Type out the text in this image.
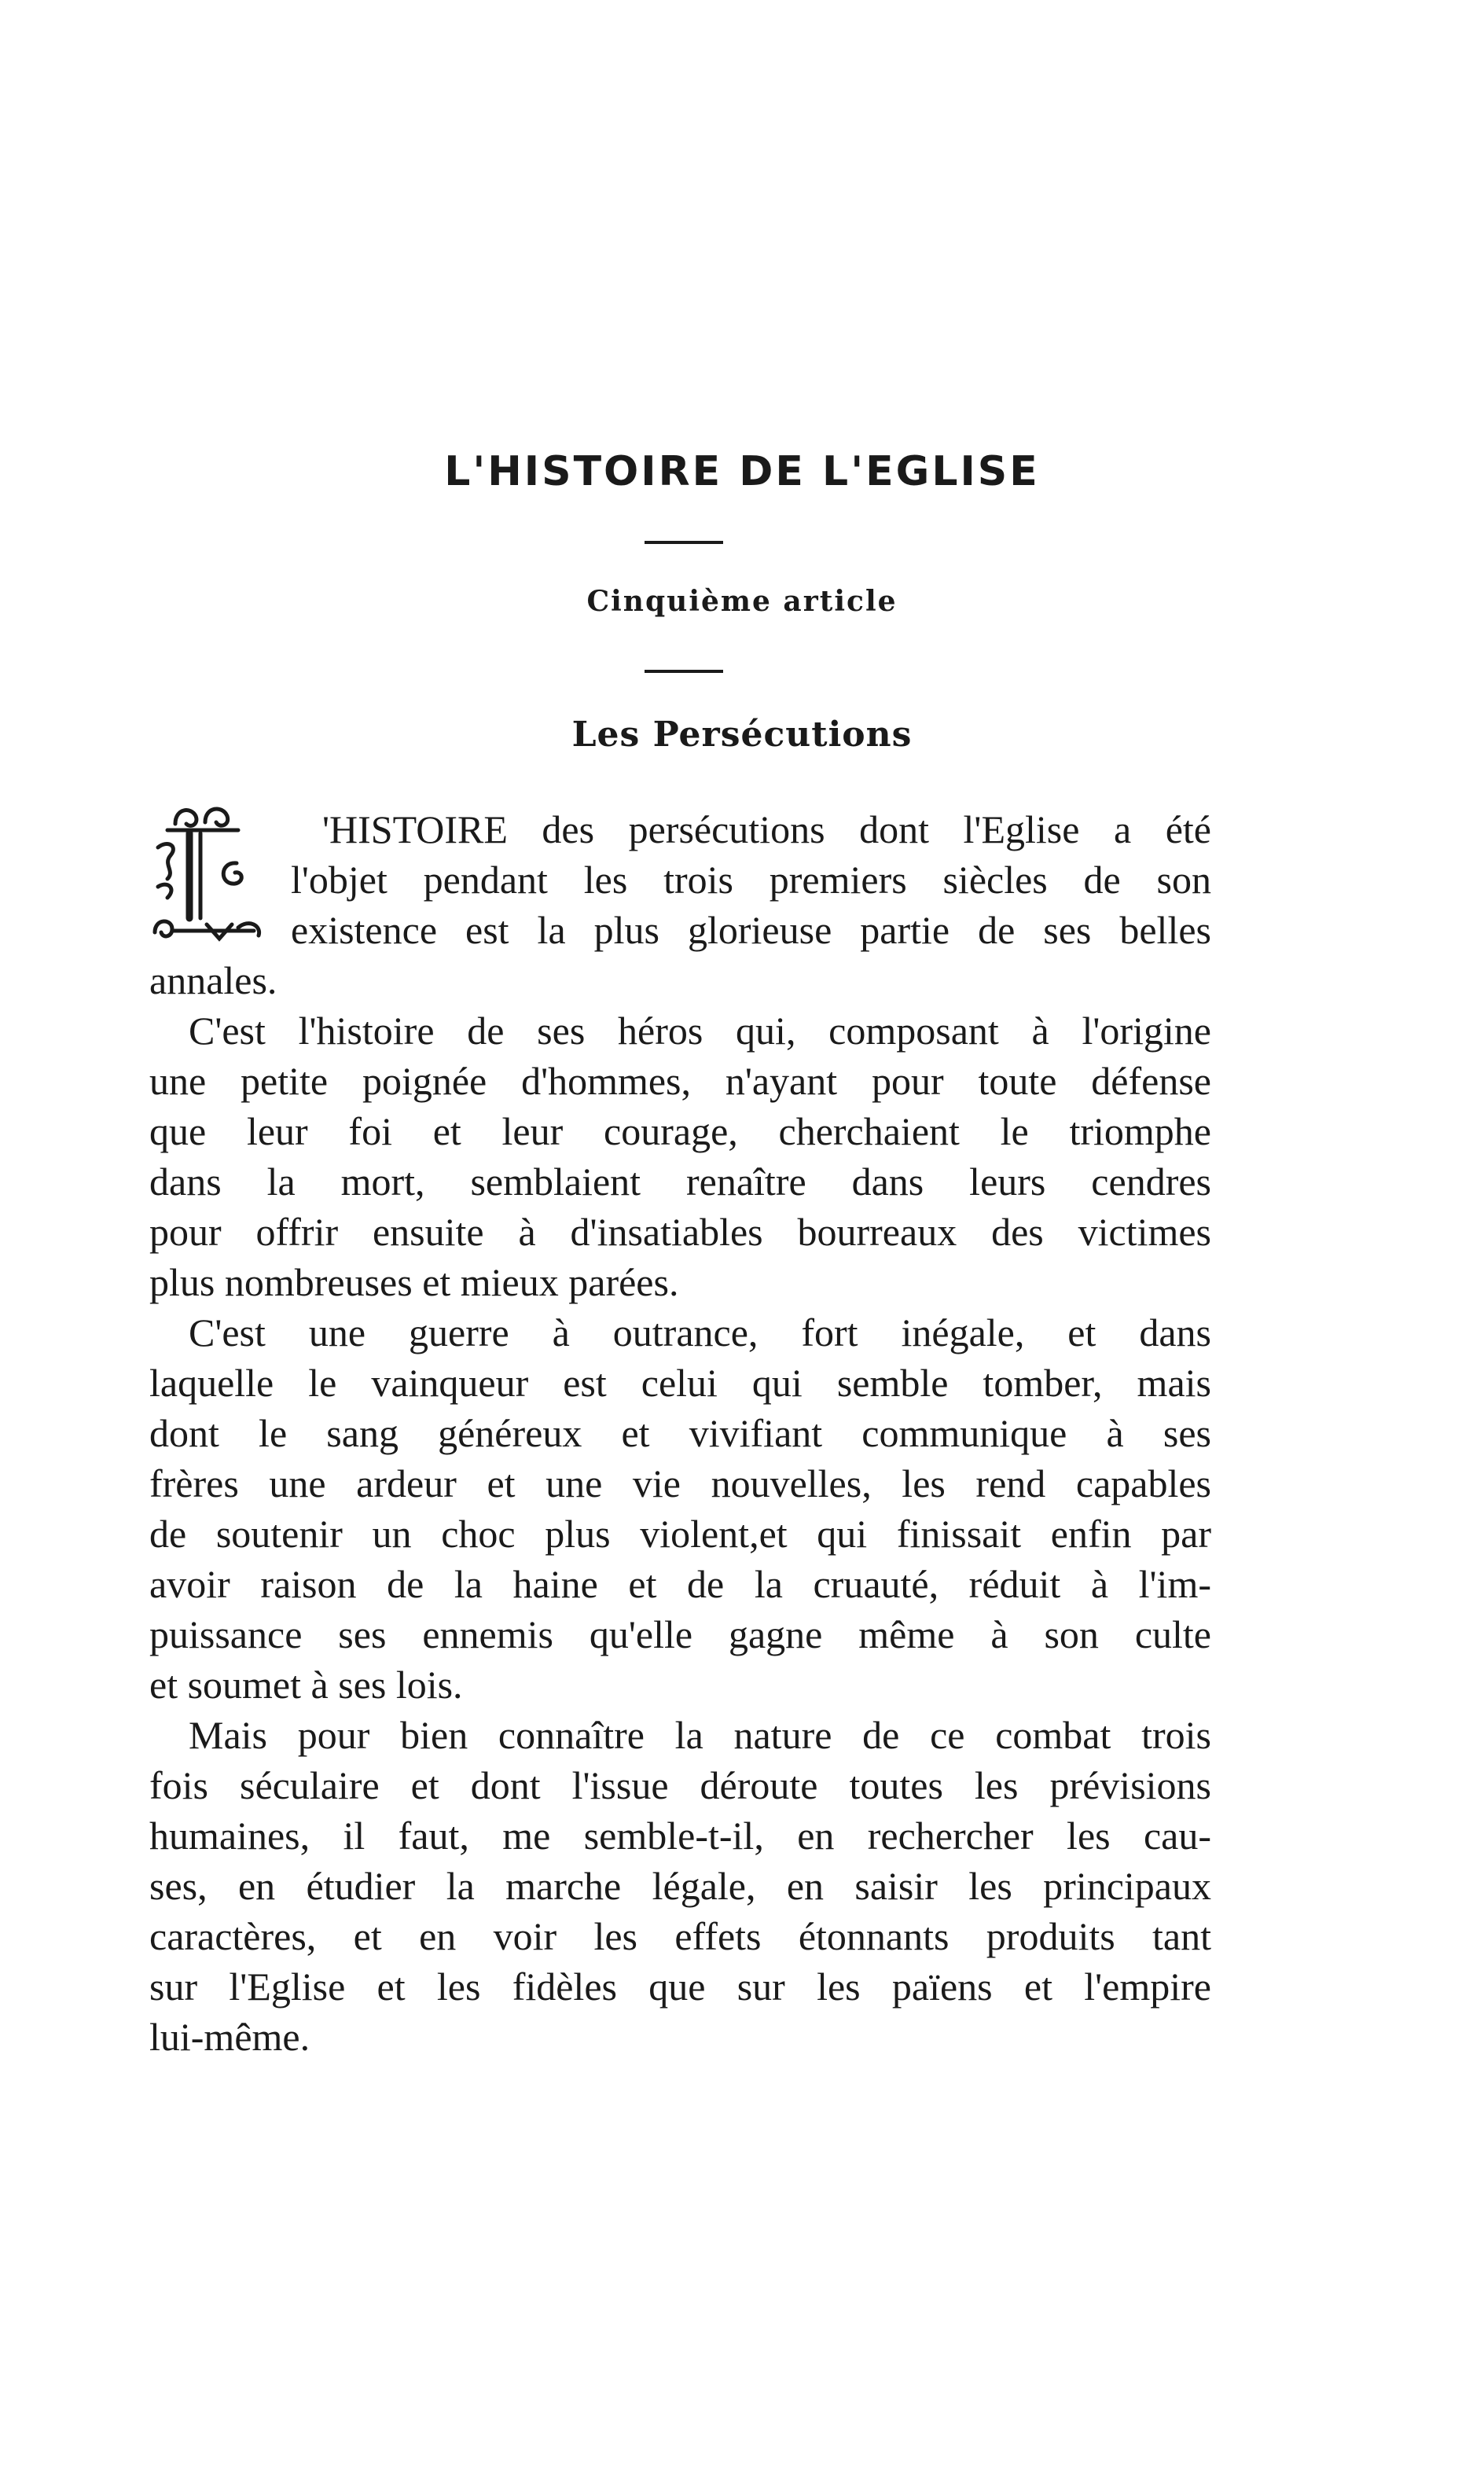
L'HISTOIRE DE L'EGLISE
Cinquième article
Les Persécutions
'HISTOIRE des persécutions dont l'Eglise a été
l'objet pendant les trois premiers siècles de son
existence est la plus glorieuse partie de ses belles
annales.
C'est l'histoire de ses héros qui, composant à l'origine
une petite poignée d'hommes, n'ayant pour toute défense
que leur foi et leur courage, cherchaient le triomphe
dans la mort, semblaient renaître dans leurs cendres
pour offrir ensuite à d'insatiables bourreaux des victimes
plus nombreuses et mieux parées.
C'est une guerre à outrance, fort inégale, et dans
laquelle le vainqueur est celui qui semble tomber, mais
dont le sang généreux et vivifiant communique à ses
frères une ardeur et une vie nouvelles, les rend capables
de soutenir un choc plus violent,et qui finissait enfin par
avoir raison de la haine et de la cruauté, réduit à l'im-
puissance ses ennemis qu'elle gagne même à son culte
et soumet à ses lois.
Mais pour bien connaître la nature de ce combat trois
fois séculaire et dont l'issue déroute toutes les prévisions
humaines, il faut, me semble-t-il, en rechercher les cau-
ses, en étudier la marche légale, en saisir les principaux
caractères, et en voir les effets étonnants produits tant
sur l'Eglise et les fidèles que sur les païens et l'empire
lui-même.
